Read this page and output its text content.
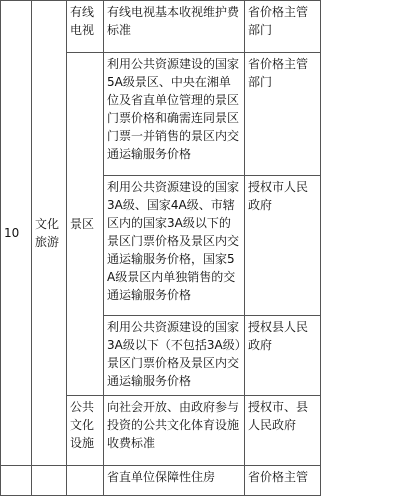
10	文化旅游	有线电视	有线电视基本收视维护费标准	省价格主管部门	
		景区	利用公共资源建设的国家5A级景区、中央在湘单位及省直单位管理的景区门票价格和确需连同景区门票一并销售的景区内交通运输服务价格	省价格主管部门	
			利用公共资源建设的国家3A级、国家4A级、市辖区内的国家3A级以下的景区门票价格及景区内交通运输服务价格，国家5A级景区内单独销售的交通运输服务价格	授权市人民政府	
			利用公共资源建设的国家3A级以下（不包括3A级）景区门票价格及景区内交通运输服务价格	授权县人民政府	
		公共文化设施	向社会开放、由政府参与投资的公共文化体育设施收费标准	授权市、县人民政府	
			省直单位保障性住房	省价格主管	
